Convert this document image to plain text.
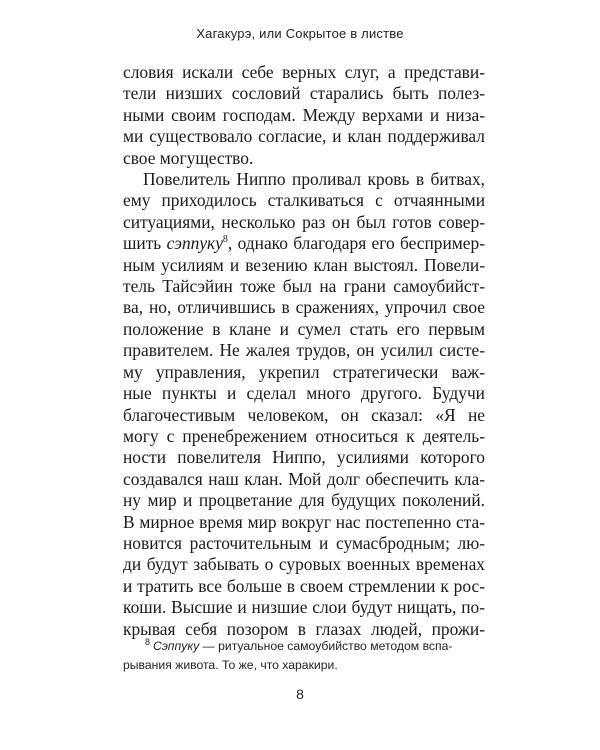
Хагакурэ, или Сокрытое в листве
словия искали себе верных слуг, а представи-
тели низших сословий старались быть полез-
ными своим господам. Между верхами и низа-
ми существовало согласие, и клан поддерживал
свое могущество.
Повелитель Ниппо проливал кровь в битвах,
ему приходилось сталкиваться с отчаянными
ситуациями, несколько раз он был готов совер-
шить сэппуку$^8$, однако благодаря его беспример-
ным усилиям и везению клан выстоял. Повели-
тель Тайсэйин тоже был на грани самоубийст-
ва, но, отличившись в сражениях, упрочил свое
положение в клане и сумел стать его первым
правителем. Не жалея трудов, он усилил систе-
му управления, укрепил стратегически важ-
ные пункты и сделал много другого. Будучи
благочестивым человеком, он сказал: «Я не
могу с пренебрежением относиться к деятель-
ности повелителя Ниппо, усилиями которого
создавался наш клан. Мой долг обеспечить кла-
ну мир и процветание для будущих поколений.
В мирное время мир вокруг нас постепенно ста-
новится расточительным и сумасбродным; лю-
ди будут забывать о суровых военных временах
и тратить все больше в своем стремлении к рос-
коши. Высшие и низшие слои будут нищать, по-
крывая себя позором в глазах людей, прожи-
$^8$ Сэппуку — ритуальное самоубийство методом вспа-
рывания живота. То же, что харакири.
8
